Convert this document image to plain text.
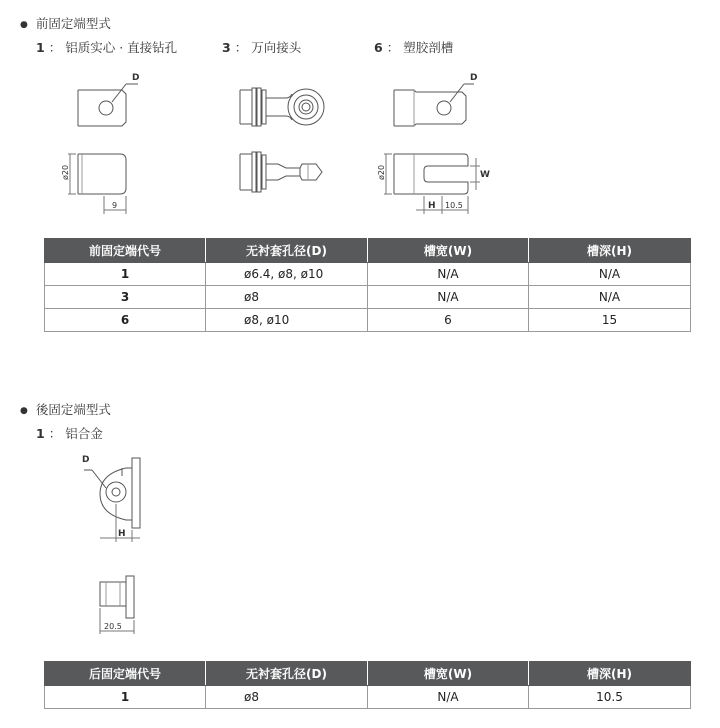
● 前固定端型式
1 ： 铝质实心 · 直接钻孔	3 ： 万向接头	6 ： 塑胶剖槽
D
9
ø20
D
W
H 10.5
ø20
前固定端代号	无衬套孔径(D)	槽宽(W)	槽深(H)
1	ø6.4, ø8, ø10	N/A	N/A
3	ø8	N/A	N/A
6	ø8, ø10	6	15
● 後固定端型式
1 ： 铝合金
D
H
20.5
后固定端代号	无衬套孔径(D)	槽宽(W)	槽深(H)
1	ø8	N/A	10.5
